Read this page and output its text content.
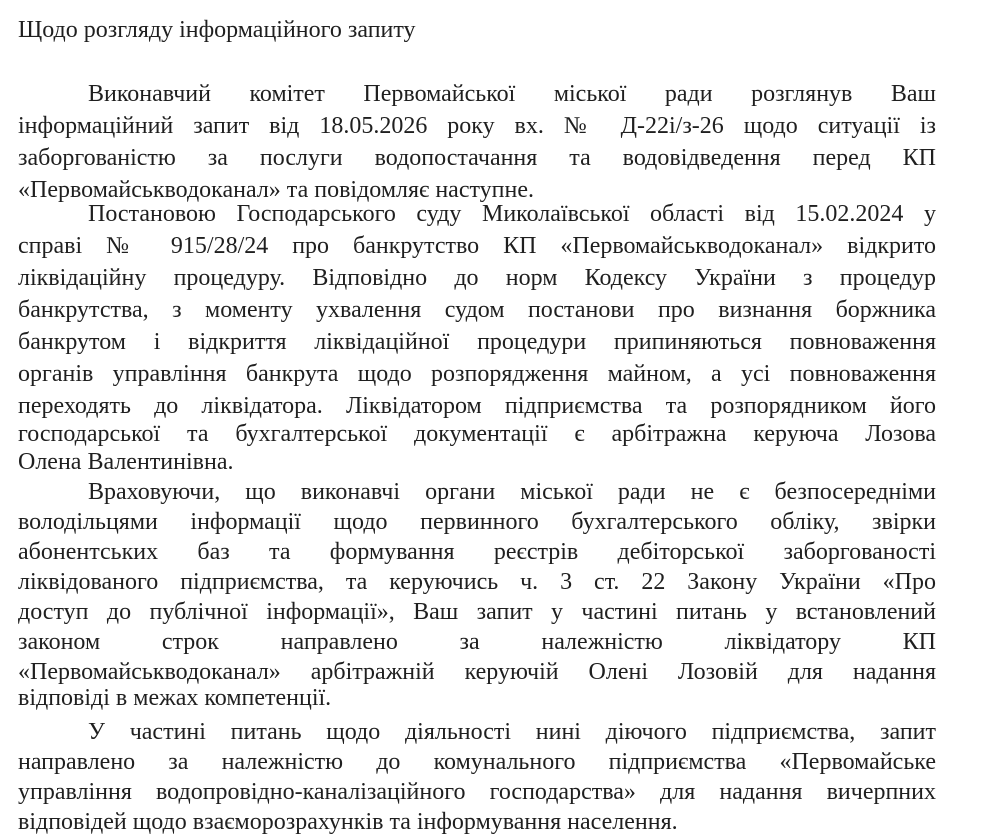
Щодо розгляду інформаційного запиту
Виконавчий комітет Первомайської міської ради розглянув Ваш
інформаційний запит від 18.05.2026 року вх. № Д-22і/з-26 щодо ситуації із
заборгованістю за послуги водопостачання та водовідведення перед КП
«Первомайськводоканал» та повідомляє наступне.
Постановою Господарського суду Миколаївської області від 15.02.2024 у
справі № 915/28/24 про банкрутство КП «Первомайськводоканал» відкрито
ліквідаційну процедуру. Відповідно до норм Кодексу України з процедур
банкрутства, з моменту ухвалення судом постанови про визнання боржника
банкрутом і відкриття ліквідаційної процедури припиняються повноваження
органів управління банкрута щодо розпорядження майном, а усі повноваження
переходять до ліквідатора. Ліквідатором підприємства та розпорядником його
господарської та бухгалтерської документації є арбітражна керуюча Лозова
Олена Валентинівна.
Враховуючи, що виконавчі органи міської ради не є безпосередніми
володільцями інформації щодо первинного бухгалтерського обліку, звірки
абонентських баз та формування реєстрів дебіторської заборгованості
ліквідованого підприємства, та керуючись ч. 3 ст. 22 Закону України «Про
доступ до публічної інформації», Ваш запит у частині питань у встановлений
законом строк направлено за належністю ліквідатору КП
«Первомайськводоканал» арбітражній керуючій Олені Лозовій для надання
відповіді в межах компетенції.
У частині питань щодо діяльності нині діючого підприємства, запит
направлено за належністю до комунального підприємства «Первомайське
управління водопровідно-каналізаційного господарства» для надання вичерпних
відповідей щодо взаєморозрахунків та інформування населення.
